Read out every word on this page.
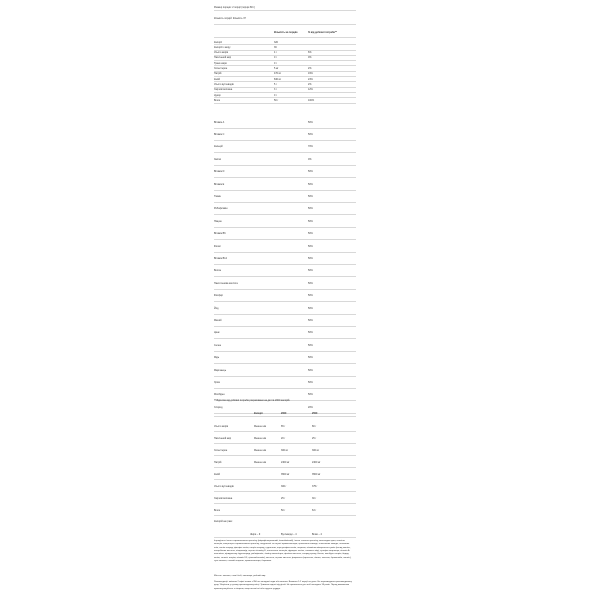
Размер порции: 2 порції (порція 80 г)
Кількість порцій: Кількість 37
Кількість на порцію	% від добової потреби**
Калорії	320
Калорії із жиру	36
Усього жирів	4 г	6%
Насичений жир	0 г	0%
Транс-жири	0 г
Холестерин	5 мг	2%
Натрій	470 мг	19%
Калій	840 мг	24%
Усього вуглеводів	5 г	2%
Харчові волокна	3 г	12%
Цукор	0 г
Білок	50 г	100%
Вітамін А	50%
Вітамін С	50%
Кальцій	70%
Залізо	0%
Вітамін D	50%
Вітамін Е	50%
Тіамін	50%
Рибофлавін	50%
Ніацин	50%
Вітамін В6	50%
Фолат	50%
Вітамін В12	50%
Біотин	50%
Пантотенова кислота	50%
Фосфор	50%
Йод	50%
Магній	50%
Цинк	50%
Селен	50%
Мідь	50%
Марганець	50%
Хром	50%
Молібден	50%
Хлорид	20%
** Відсотки від добової потреби розраховано на дієті в 2000 калорій.
Калорії	2000	2500
Усього жирів	Менше ніж	65 г	80 г
Насичений жир	Менше ніж	20 г	25 г
Холестерин	Менше ніж	300 мг	300 мг
Натрій	Менше ніж	2400 мг	2400 мг
Калій	3500 мг	3500 мг
Усього вуглеводів	300 г	375 г
Харчові волокна	25 г	30 г
Білок	50 г	63 г
Калорій на грам:
Жири – 9	Вуглеводи – 4	Білки – 4
Інгредієнти: ізолят сироваткового протеїну (мікрофільтрований, іонообмінний), ізолят соєвого протеїну, мальтодекстрин, казеїнат
кальцію, концентрат сироваткового протеїну, натуральні та штучні ароматизатори, целюлозна камедь, ксантанова камедь, пальмова
олія, калію хлорид, фосфат калію, натрію хлорид, сукралоза, ацесульфам калію, лецитин, вітамінно-мінеральна суміш (оксид магнію,
аскорбінова кислота, ніацинамід, ацетат вітаміну Е, пантотенат кальцію, фумарат заліза, глюконат міді, сульфат марганцю, вітамін А
пальмітат, піридоксину гідрохлорид, рибофлавін, тіаміну мононітрат, фолієва кислота, хлорид хрому, біотин, молібдат натрію, йодид
калію, селеніт натрію, вітамін D3, ціанокобаламін), кислота, оцтова кислота, ферменти (протеаза, ліпаза, лактаза, бромелайн, папаїн),
сухе молоко, соєвий лецитин, ароматизатори, барвники.
Містить: молоко, соєві бобі, пшеницю, рибний жир.
Рекомендації: змішати 2 мірні ложки з 350 мл холодної води або молока. Вживати 1-2 порції на день. Не перевищувати рекомендовану
дозу. Зберігати у сухому прохолодному місці. Тримати подалі від дітей. Не призначено для осіб молодше 18 років. Перед вживанням
проконсультуйтеся з лікарем, якщо ви вагітні або годуєте груддю.
